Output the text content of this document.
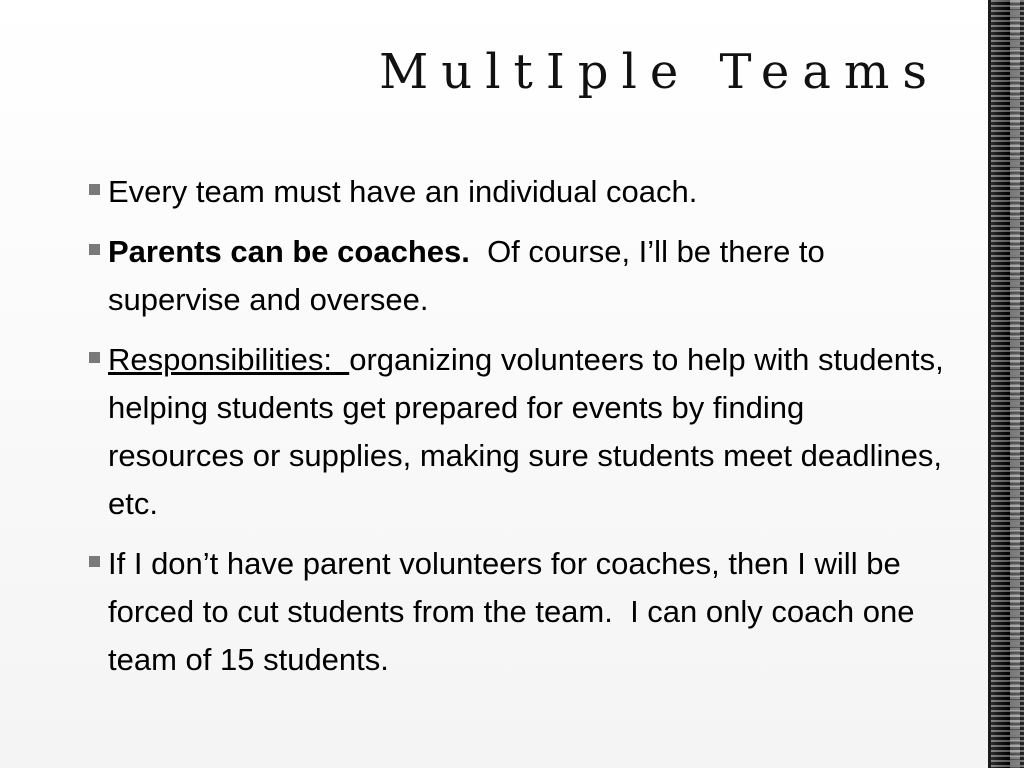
MultIple Teams
Every team must have an individual coach.
Parents can be coaches.  Of course, I’ll be there to supervise and oversee.
Responsibilities:  organizing volunteers to help with students, helping students get prepared for events by finding resources or supplies, making sure students meet deadlines, etc.
If I don’t have parent volunteers for coaches, then I will be forced to cut students from the team.  I can only coach one team of 15 students.
